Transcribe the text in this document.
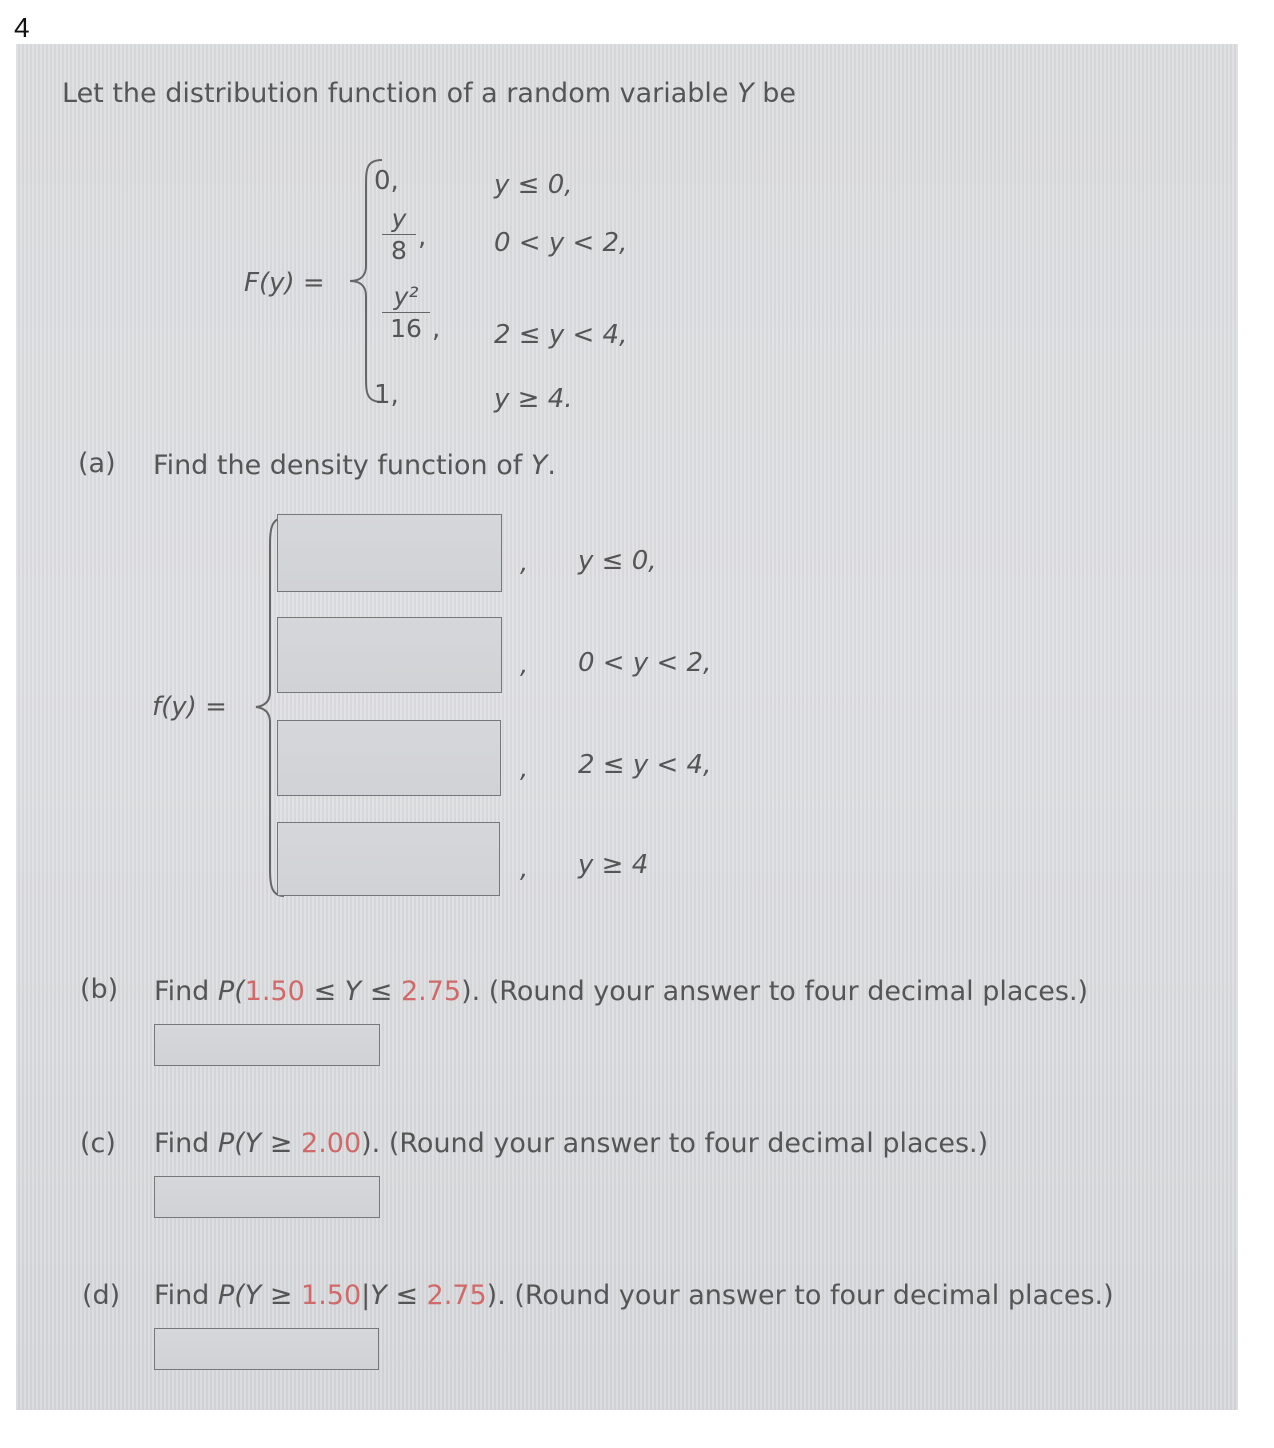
4
Let the distribution function of a random variable Y be
F(y) =
0,	y ≤ 0,
y
8 ,	0 < y < 2,
y²
16 , 2 ≤ y < 4,
1,	y ≥ 4.
(a) Find the density function of Y.
f(y) =
, y ≤ 0,
, 0 < y < 2,
, 2 ≤ y < 4,
, y ≥ 4
(b) Find P(1.50 ≤ Y ≤ 2.75). (Round your answer to four decimal places.)
(c) Find P(Y ≥ 2.00). (Round your answer to four decimal places.)
(d) Find P(Y ≥ 1.50|Y ≤ 2.75). (Round your answer to four decimal places.)
